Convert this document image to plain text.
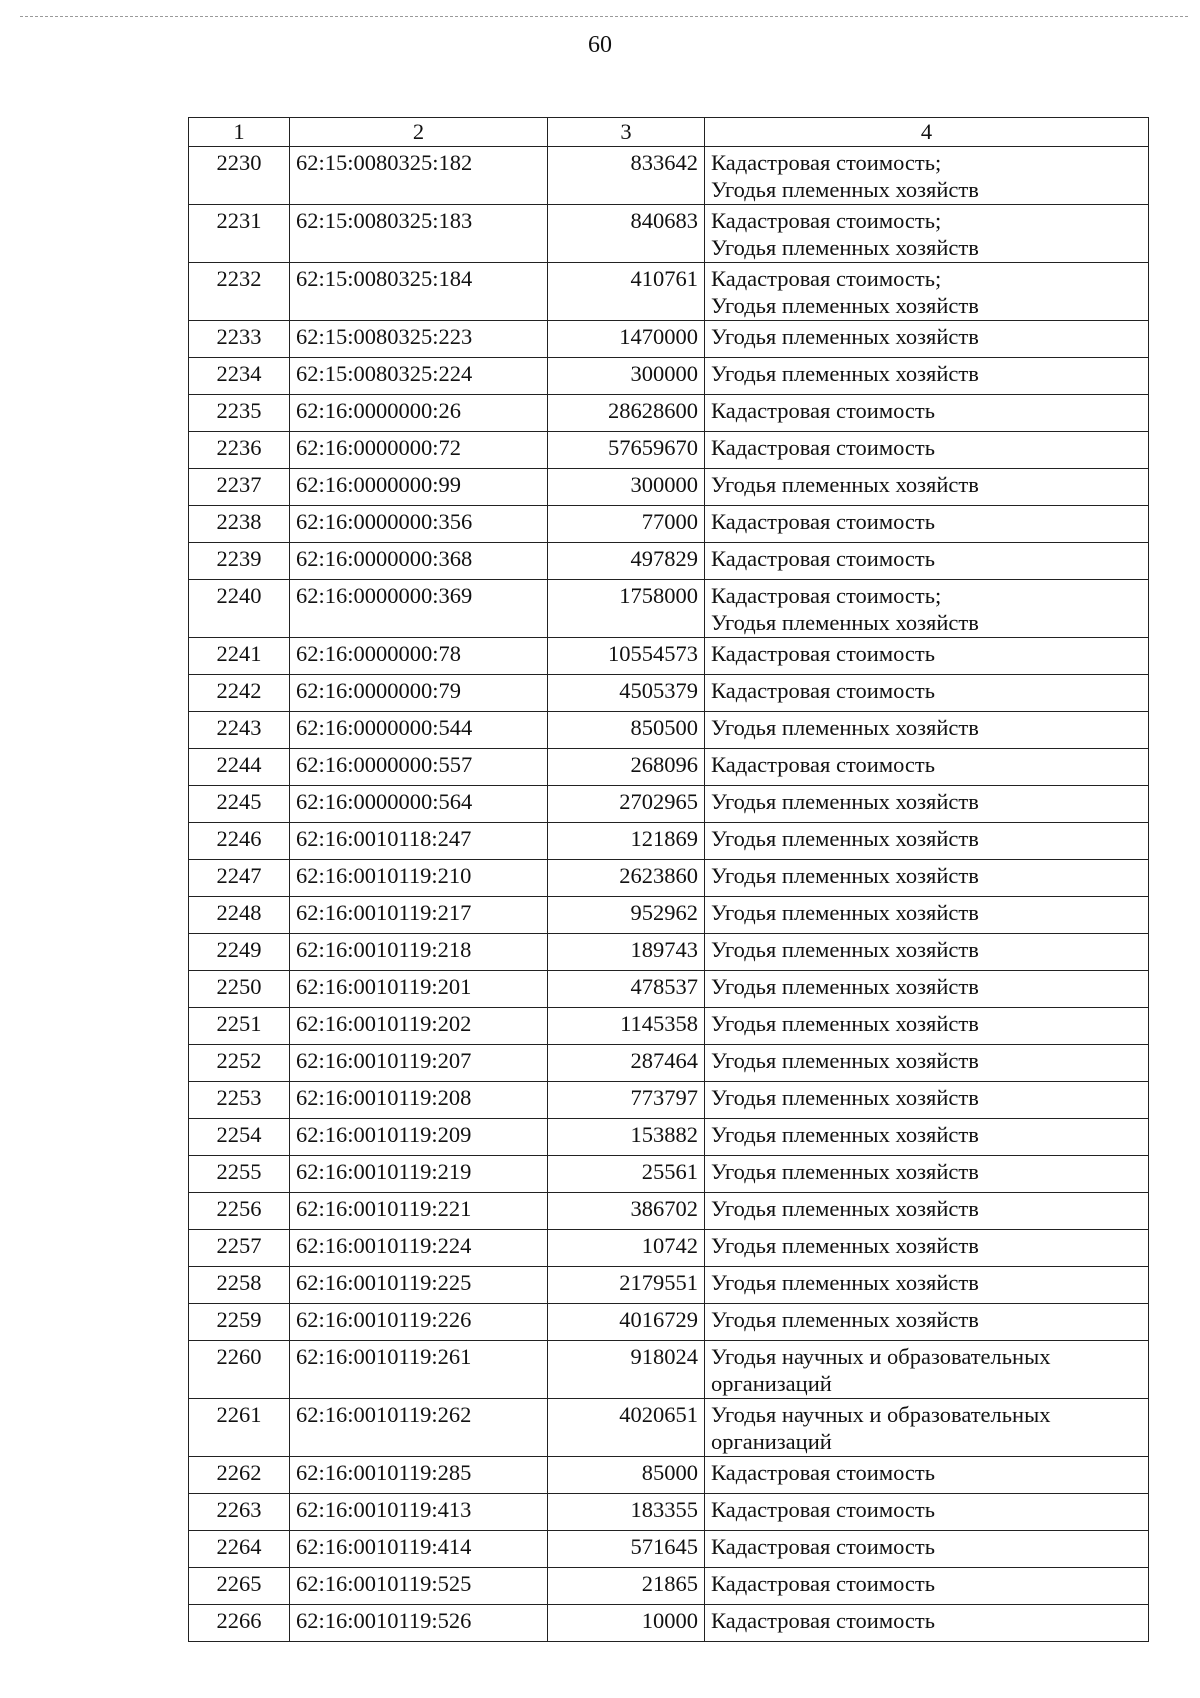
60
1	2	3	4
2230	62:15:0080325:182	833642	Кадастровая стоимость;
Угодья племенных хозяйств
2231	62:15:0080325:183	840683	Кадастровая стоимость;
Угодья племенных хозяйств
2232	62:15:0080325:184	410761	Кадастровая стоимость;
Угодья племенных хозяйств
2233	62:15:0080325:223	1470000	Угодья племенных хозяйств
2234	62:15:0080325:224	300000	Угодья племенных хозяйств
2235	62:16:0000000:26	28628600	Кадастровая стоимость
2236	62:16:0000000:72	57659670	Кадастровая стоимость
2237	62:16:0000000:99	300000	Угодья племенных хозяйств
2238	62:16:0000000:356	77000	Кадастровая стоимость
2239	62:16:0000000:368	497829	Кадастровая стоимость
2240	62:16:0000000:369	1758000	Кадастровая стоимость;
Угодья племенных хозяйств
2241	62:16:0000000:78	10554573	Кадастровая стоимость
2242	62:16:0000000:79	4505379	Кадастровая стоимость
2243	62:16:0000000:544	850500	Угодья племенных хозяйств
2244	62:16:0000000:557	268096	Кадастровая стоимость
2245	62:16:0000000:564	2702965	Угодья племенных хозяйств
2246	62:16:0010118:247	121869	Угодья племенных хозяйств
2247	62:16:0010119:210	2623860	Угодья племенных хозяйств
2248	62:16:0010119:217	952962	Угодья племенных хозяйств
2249	62:16:0010119:218	189743	Угодья племенных хозяйств
2250	62:16:0010119:201	478537	Угодья племенных хозяйств
2251	62:16:0010119:202	1145358	Угодья племенных хозяйств
2252	62:16:0010119:207	287464	Угодья племенных хозяйств
2253	62:16:0010119:208	773797	Угодья племенных хозяйств
2254	62:16:0010119:209	153882	Угодья племенных хозяйств
2255	62:16:0010119:219	25561	Угодья племенных хозяйств
2256	62:16:0010119:221	386702	Угодья племенных хозяйств
2257	62:16:0010119:224	10742	Угодья племенных хозяйств
2258	62:16:0010119:225	2179551	Угодья племенных хозяйств
2259	62:16:0010119:226	4016729	Угодья племенных хозяйств
2260	62:16:0010119:261	918024	Угодья научных и образовательных
организаций
2261	62:16:0010119:262	4020651	Угодья научных и образовательных
организаций
2262	62:16:0010119:285	85000	Кадастровая стоимость
2263	62:16:0010119:413	183355	Кадастровая стоимость
2264	62:16:0010119:414	571645	Кадастровая стоимость
2265	62:16:0010119:525	21865	Кадастровая стоимость
2266	62:16:0010119:526	10000	Кадастровая стоимость
